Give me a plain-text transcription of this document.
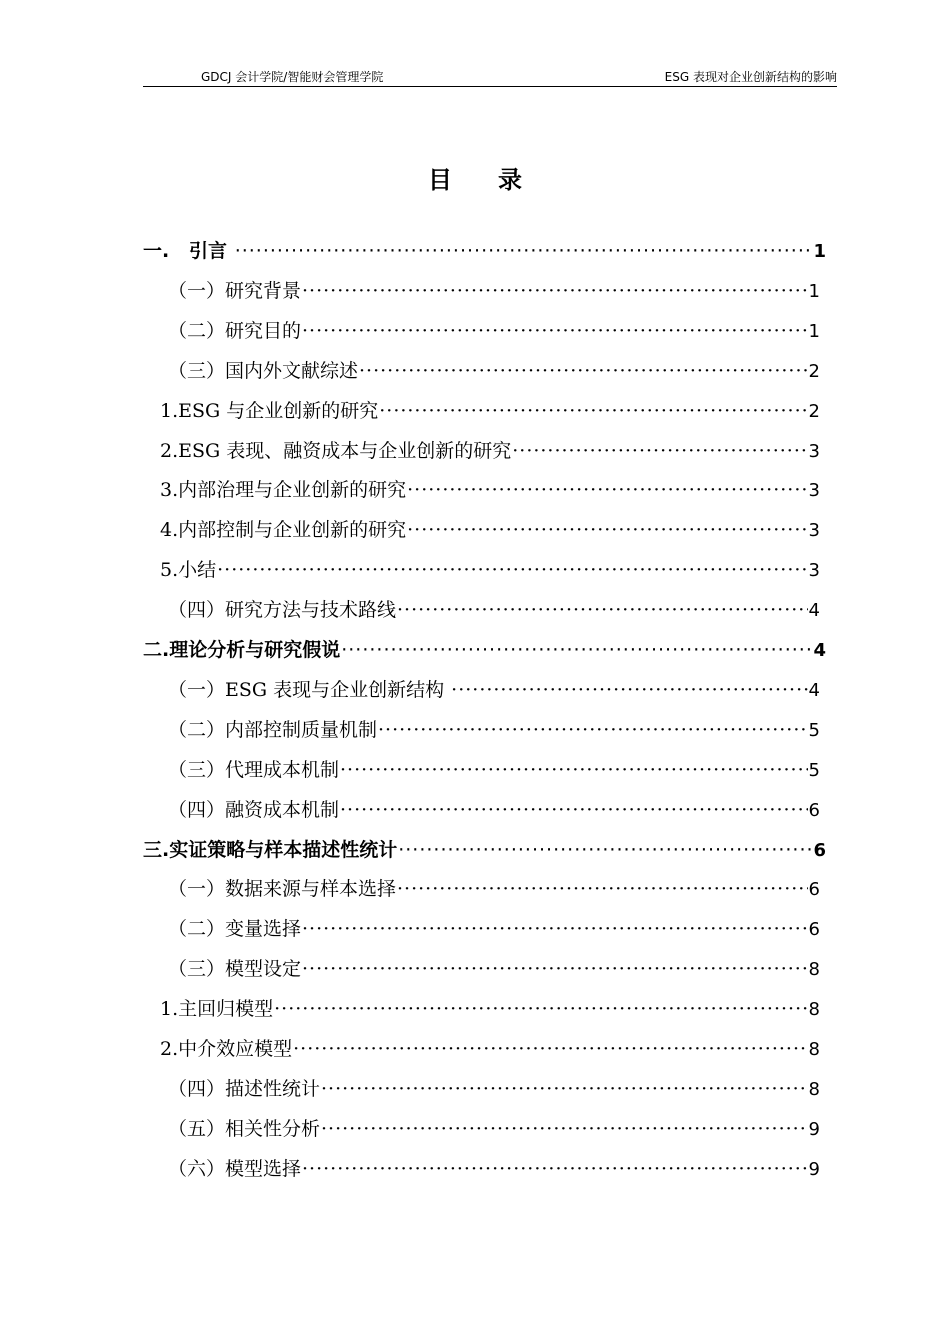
GDCJ 会计学院/智能财会管理学院	ESG 表现对企业创新结构的影响
目录
一.   引言 ·····	1
（一）研究背景 ·····	1
（二）研究目的 ·····	1
（三）国内外文献综述 ·····	2
1.ESG 与企业创新的研究 ·····	2
2.ESG 表现、融资成本与企业创新的研究 ·····	3
3.内部治理与企业创新的研究 ·····	3
4.内部控制与企业创新的研究 ·····	3
5.小结 ·····	3
（四）研究方法与技术路线 ·····	4
二.理论分析与研究假说 ·····	4
（一）ESG 表现与企业创新结构 ·····	4
（二）内部控制质量机制 ·····	5
（三）代理成本机制 ·····	5
（四）融资成本机制 ·····	6
三.实证策略与样本描述性统计 ·····	6
（一）数据来源与样本选择 ·····	6
（二）变量选择 ·····	6
（三）模型设定 ·····	8
1.主回归模型 ·····	8
2.中介效应模型 ·····	8
（四）描述性统计 ·····	8
（五）相关性分析 ·····	9
（六）模型选择 ·····	9
